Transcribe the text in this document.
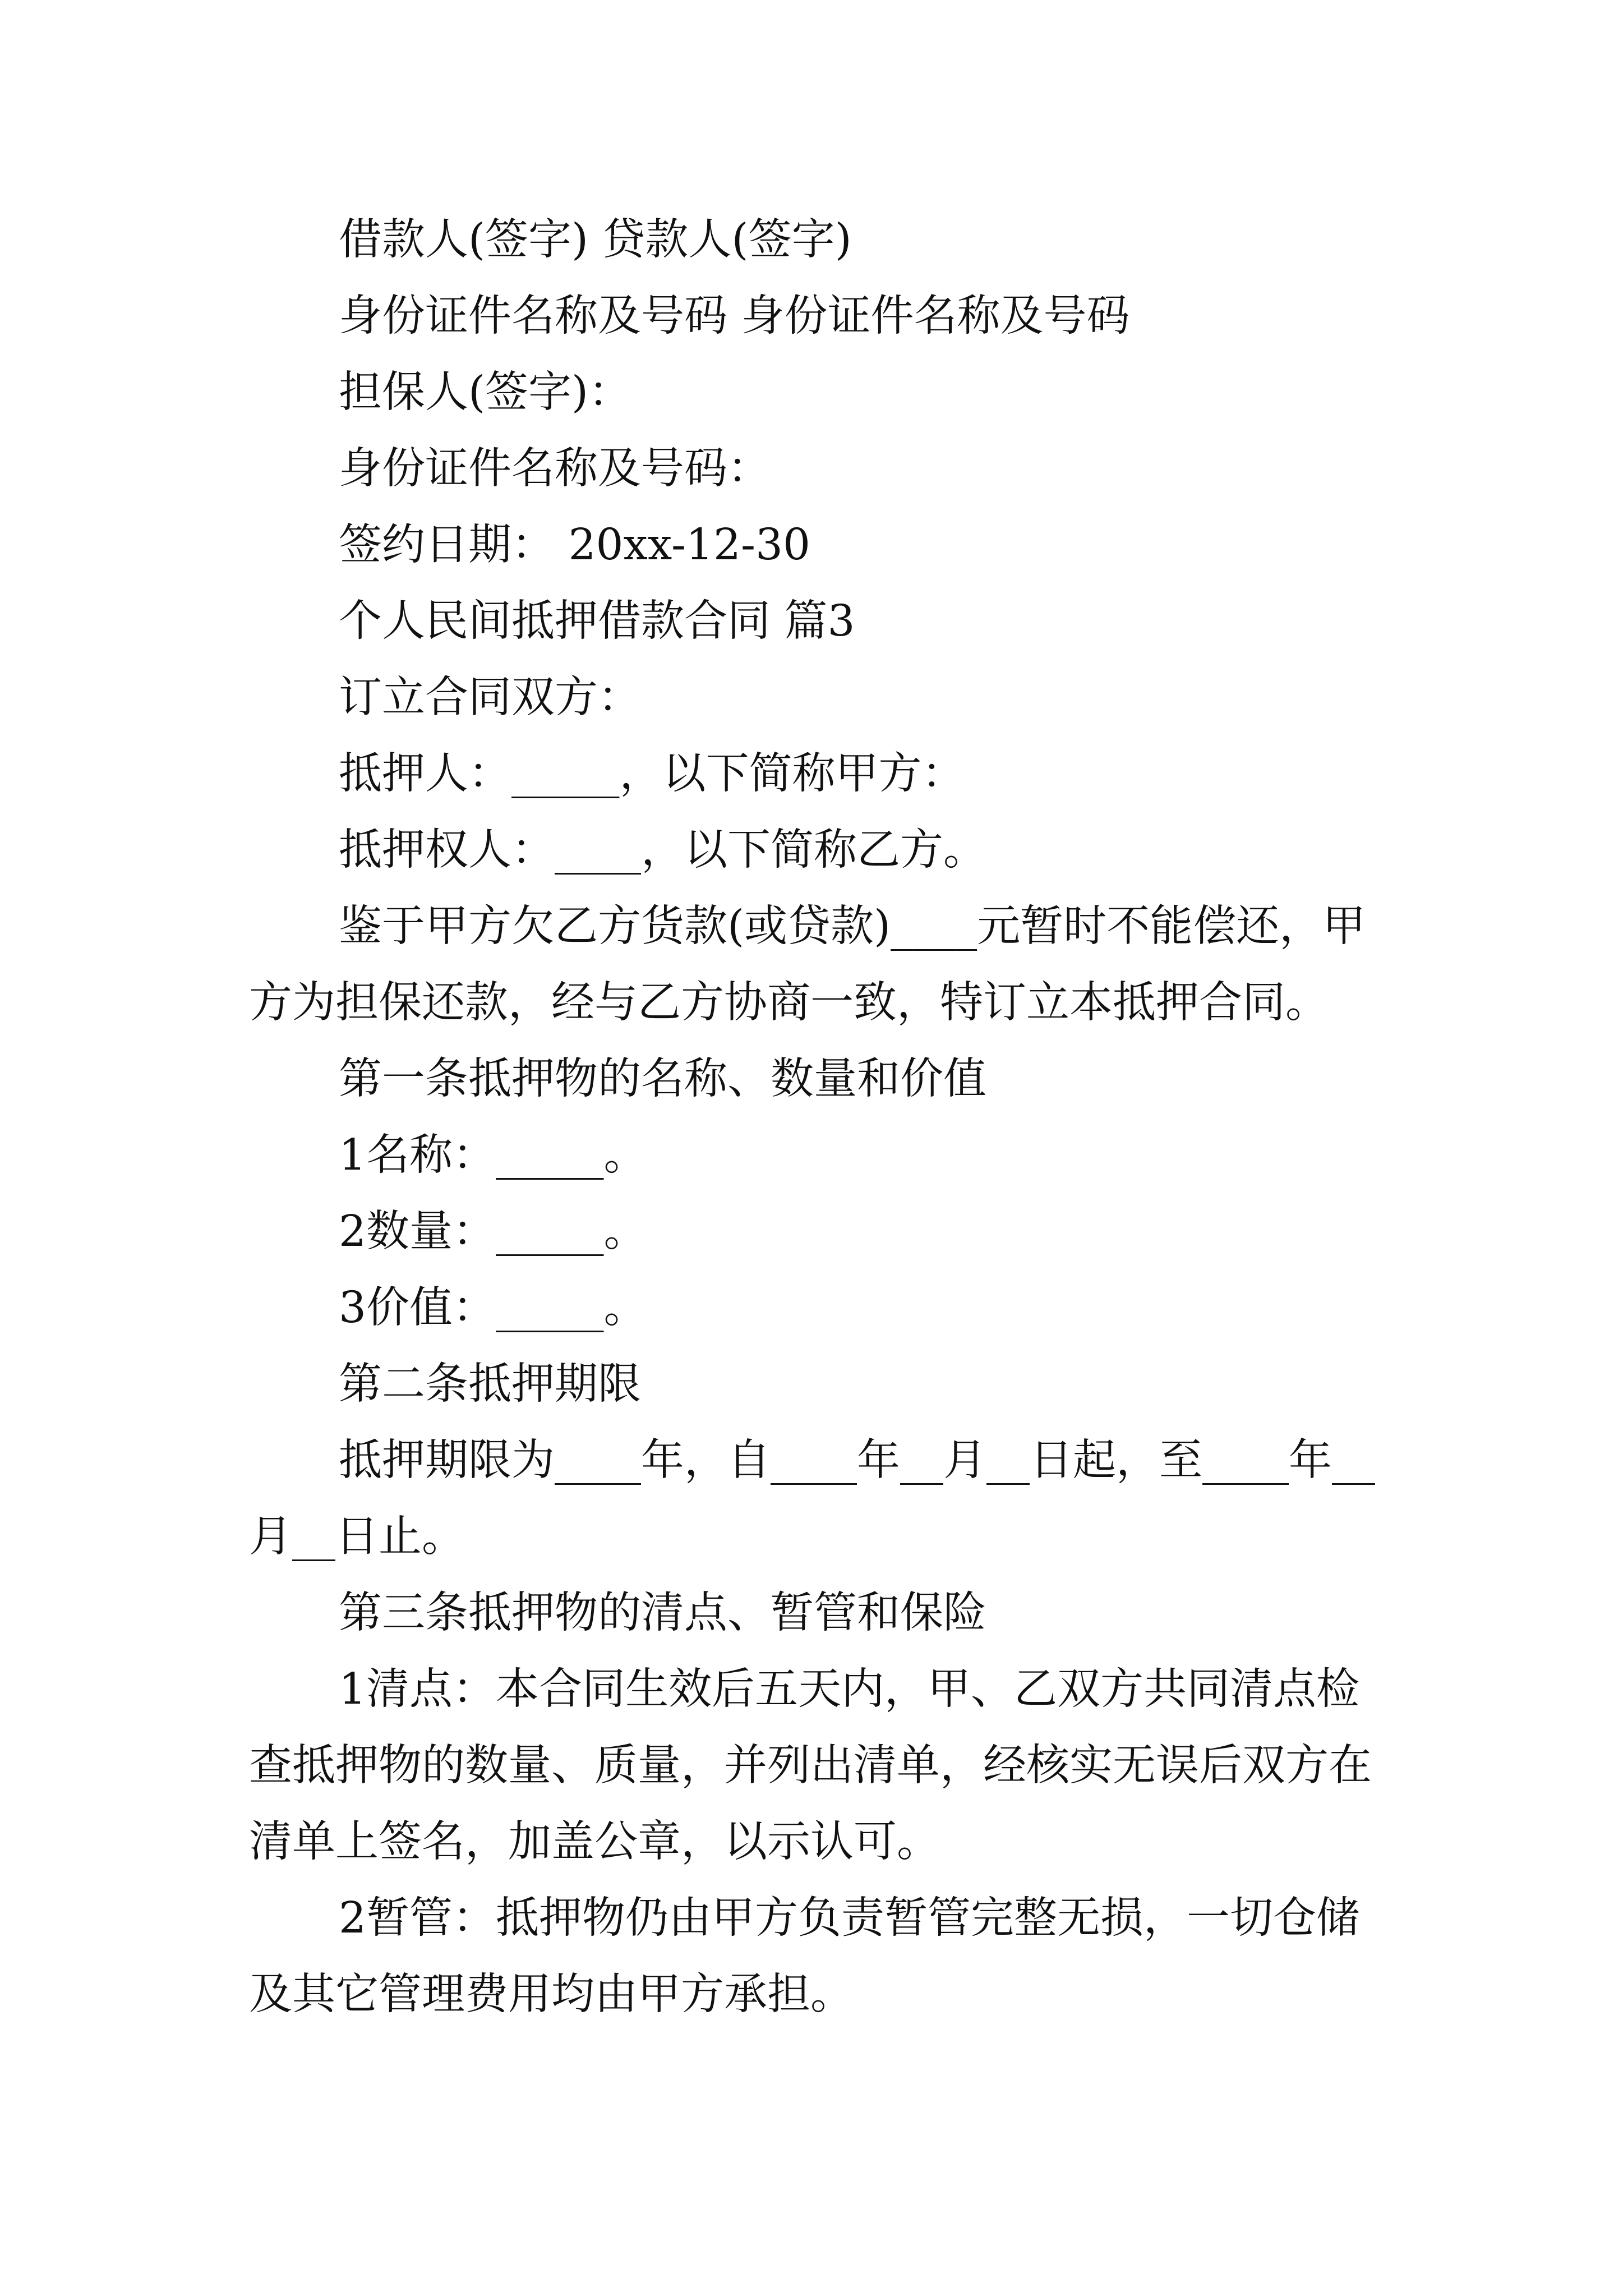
借款人(签字) 贷款人(签字)

身份证件名称及号码 身份证件名称及号码

担保人(签字)：

身份证件名称及号码：

签约日期： 20xx-12-30

个人民间抵押借款合同 篇3

订立合同双方：

抵押人：_____，以下简称甲方：

抵押权人：____，以下简称乙方。

鉴于甲方欠乙方货款(或贷款)____元暂时不能偿还，甲方为担保还款，经与乙方协商一致，特订立本抵押合同。

第一条抵押物的名称、数量和价值

1名称：_____。

2数量：_____。

3价值：_____。

第二条抵押期限

抵押期限为____年，自____年__月__日起，至____年__月__日止。

第三条抵押物的清点、暂管和保险

1清点：本合同生效后五天内，甲、乙双方共同清点检查抵押物的数量、质量，并列出清单，经核实无误后双方在清单上签名，加盖公章，以示认可。

2暂管：抵押物仍由甲方负责暂管完整无损，一切仓储及其它管理费用均由甲方承担。
